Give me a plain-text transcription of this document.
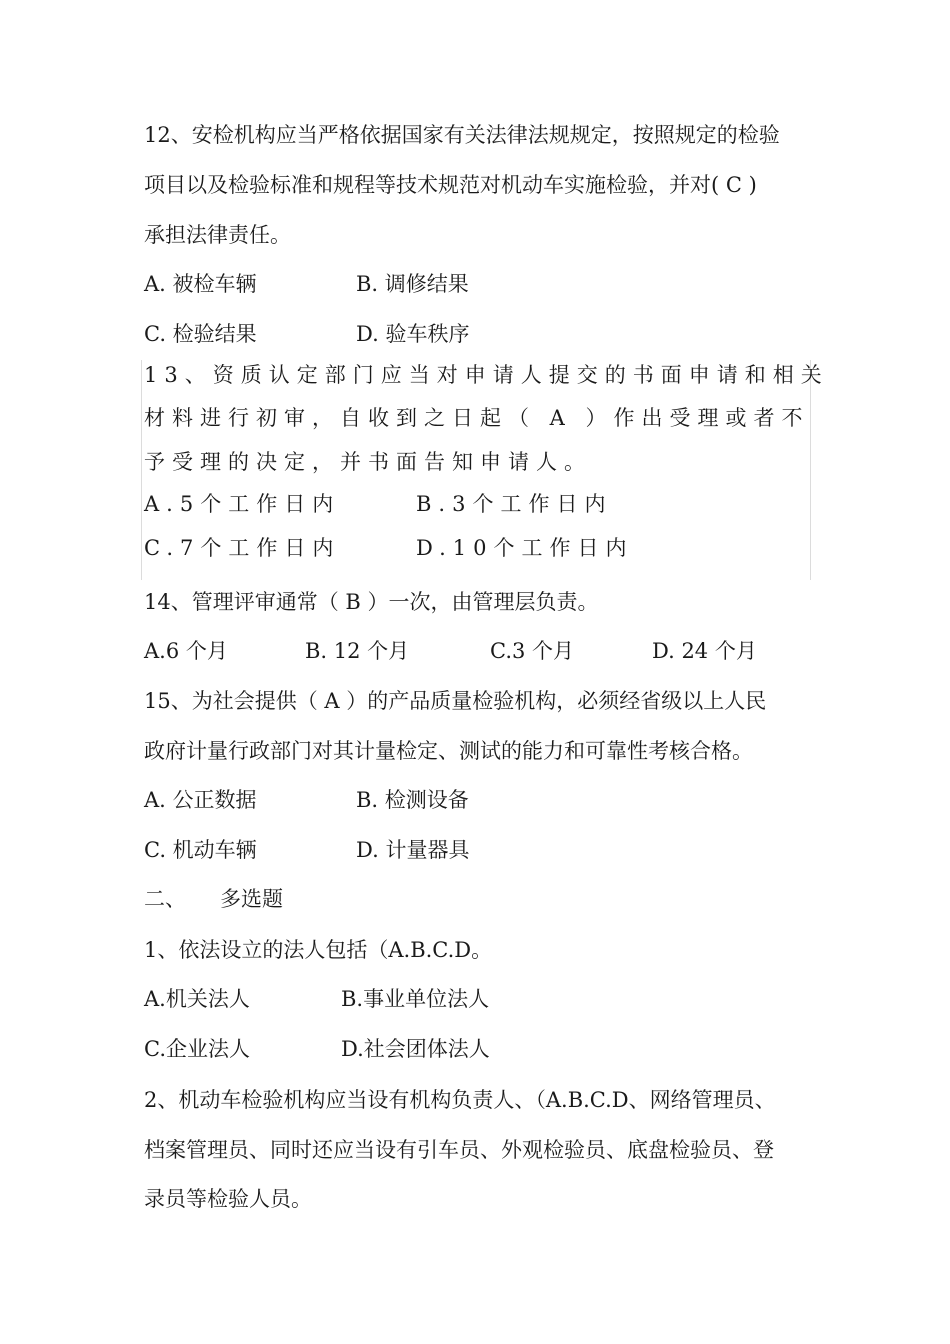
12、安检机构应当严格依据国家有关法律法规规定，按照规定的检验

项目以及检验标准和规程等技术规范对机动车实施检验，并对( C )

承担法律责任。

A. 被检车辆	B. 调修结果

C. 检验结果	D. 验车秩序

13、资质认定部门应当对申请人提交的书面申请和相关

材料进行初审，自收到之日起（ A ）作出受理或者不

予受理的决定，并书面告知申请人。

A.5个工作日内	B.3个工作日内

C.7个工作日内	D.10个工作日内

14、管理评审通常（ B ）一次，由管理层负责。

A.6 个月	B. 12 个月	C.3 个月	D. 24 个月

15、为社会提供（ A ）的产品质量检验机构，必须经省级以上人民

政府计量行政部门对其计量检定、测试的能力和可靠性考核合格。

A. 公正数据	B. 检测设备

C. 机动车辆	D. 计量器具

二、 多选题

1、依法设立的法人包括（A.B.C.D。

A.机关法人	B.事业单位法人

C.企业法人	D.社会团体法人

2、机动车检验机构应当设有机构负责人、（A.B.C.D、网络管理员、

档案管理员、同时还应当设有引车员、外观检验员、底盘检验员、登

录员等检验人员。
